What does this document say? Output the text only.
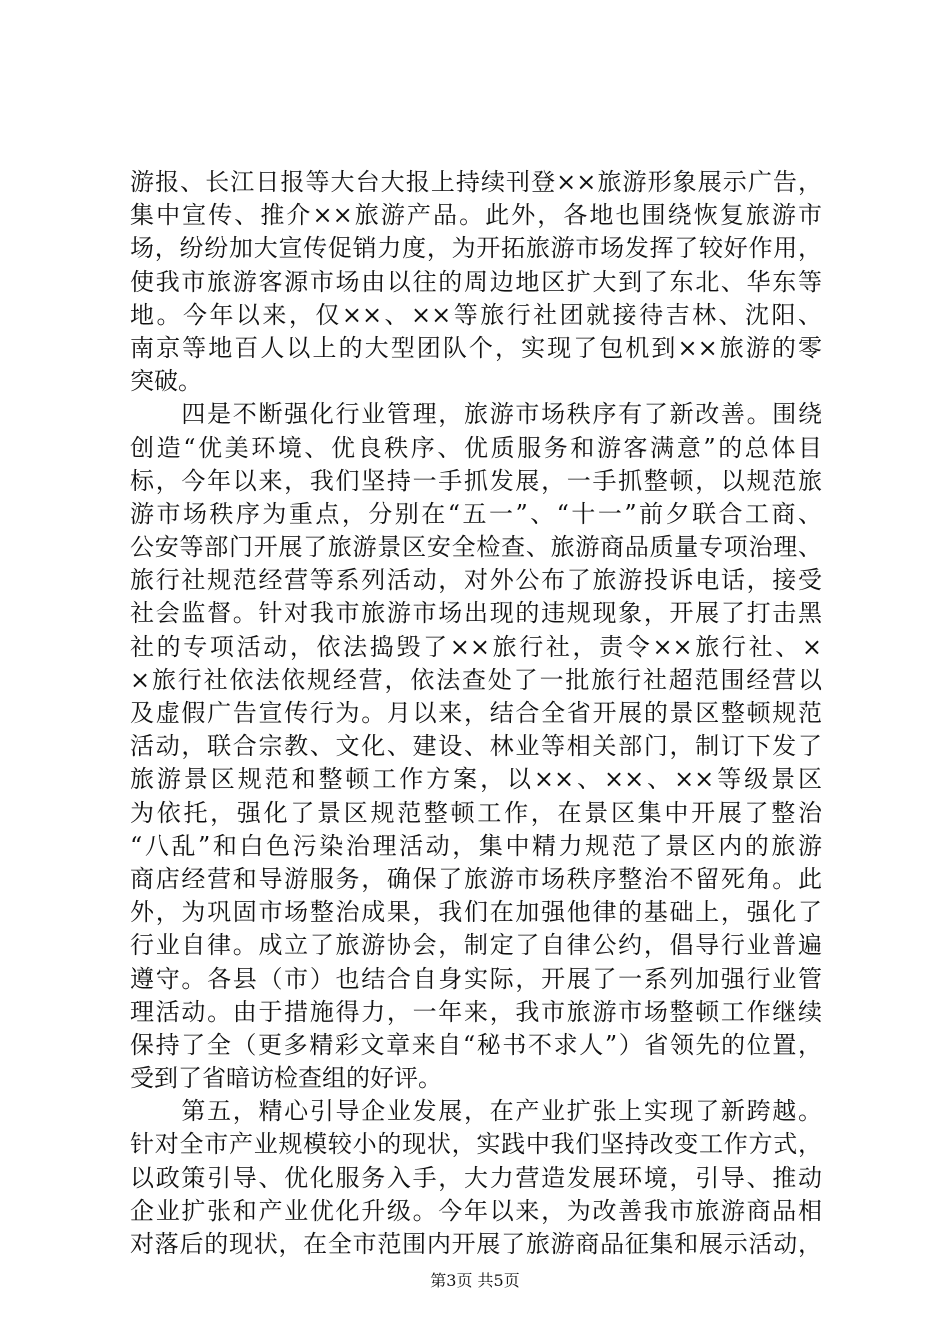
游报、长江日报等大台大报上持续刊登××旅游形象展示广告，
集中宣传、推介××旅游产品。此外，各地也围绕恢复旅游市
场，纷纷加大宣传促销力度，为开拓旅游市场发挥了较好作用，
使我市旅游客源市场由以往的周边地区扩大到了东北、华东等
地。今年以来，仅××、××等旅行社团就接待吉林、沈阳、
南京等地百人以上的大型团队个，实现了包机到××旅游的零
突破。
　　四是不断强化行业管理，旅游市场秩序有了新改善。围绕
创造“优美环境、优良秩序、优质服务和游客满意”的总体目
标，今年以来，我们坚持一手抓发展，一手抓整顿，以规范旅
游市场秩序为重点，分别在“五一”、“十一”前夕联合工商、
公安等部门开展了旅游景区安全检查、旅游商品质量专项治理、
旅行社规范经营等系列活动，对外公布了旅游投诉电话，接受
社会监督。针对我市旅游市场出现的违规现象，开展了打击黑
社的专项活动，依法捣毁了××旅行社，责令××旅行社、×
×旅行社依法依规经营，依法查处了一批旅行社超范围经营以
及虚假广告宣传行为。月以来，结合全省开展的景区整顿规范
活动，联合宗教、文化、建设、林业等相关部门，制订下发了
旅游景区规范和整顿工作方案，以××、××、××等级景区
为依托，强化了景区规范整顿工作，在景区集中开展了整治
“八乱”和白色污染治理活动，集中精力规范了景区内的旅游
商店经营和导游服务，确保了旅游市场秩序整治不留死角。此
外，为巩固市场整治成果，我们在加强他律的基础上，强化了
行业自律。成立了旅游协会，制定了自律公约，倡导行业普遍
遵守。各县（市）也结合自身实际，开展了一系列加强行业管
理活动。由于措施得力，一年来，我市旅游市场整顿工作继续
保持了全（更多精彩文章来自“秘书不求人”）省领先的位置，
受到了省暗访检查组的好评。
　　第五，精心引导企业发展，在产业扩张上实现了新跨越。
针对全市产业规模较小的现状，实践中我们坚持改变工作方式，
以政策引导、优化服务入手，大力营造发展环境，引导、推动
企业扩张和产业优化升级。今年以来，为改善我市旅游商品相
对落后的现状，在全市范围内开展了旅游商品征集和展示活动，
第3页 共5页
